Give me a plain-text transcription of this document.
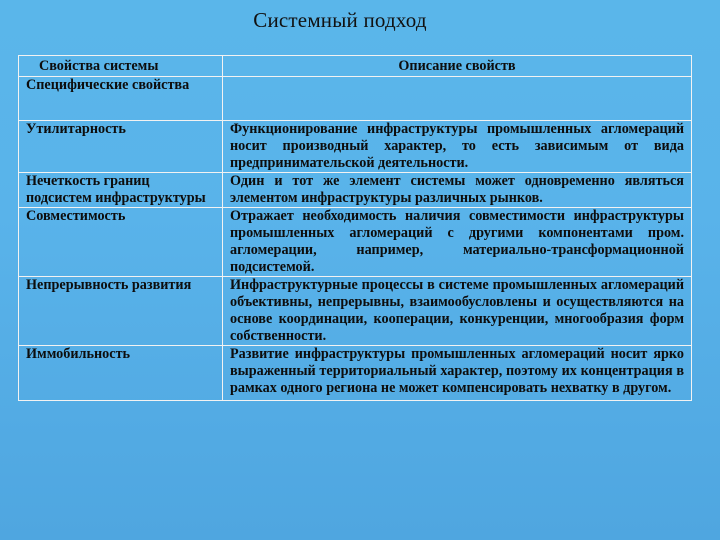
Системный подход
Свойства системы	Описание свойств
Специфические свойства	
Утилитарность	Функционирование инфраструктуры промышленных агломераций носит производный характер, то есть зависимым от вида предпринимательской деятельности.
Нечеткость границ подсистем инфраструктуры	Один и тот же элемент системы может одновременно являться элементом инфраструктуры различных рынков.
Совместимость	Отражает необходимость наличия совместимости инфраструктуры промышленных агломераций с другими компонентами пром. агломерации, например, материально-трансформационной подсистемой.
Непрерывность развития	Инфраструктурные процессы в системе промышленных агломераций объективны, непрерывны, взаимообусловлены и осуществляются на основе координации, кооперации, конкуренции, многообразия форм собственности.
Иммобильность	Развитие инфраструктуры промышленных агломераций носит ярко выраженный территориальный характер, поэтому их концентрация в рамках одного региона не может компенсировать нехватку в другом.
